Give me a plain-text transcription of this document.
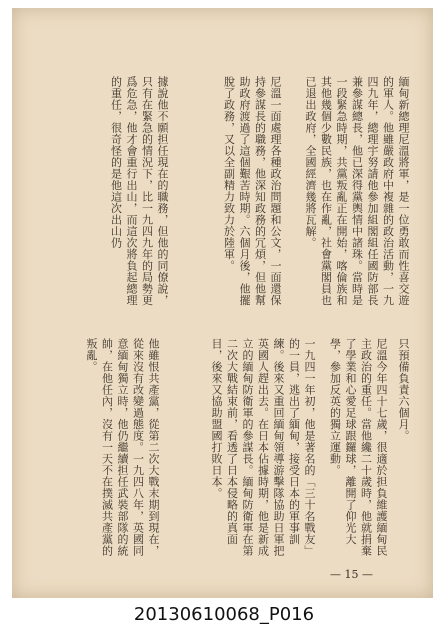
緬甸新總理尼溫將軍，是一位勇敢而性喜交遊的軍人。他雖嚴政府中複雜的政治活動，一九四九年，總理宇努請他參加組閣組任國防部長兼參謀總長，他已深得黨輿情中諸珠。當時是一段緊急時期，共黨叛亂正在開始，喀倫族和其他幾個少數民族，也在作亂，社會黨閣員也已退出政府，全國經濟幾將瓦解。
尼溫一面處理各種政治問題和公文，一面還保持參謀長的職務，他深知政務的冗煩，但他幫助政府渡過了這個艱苦時期。六個月後，他擺脫了政務，又以全副精力致力於陸軍。
據說他不願担任現在的職務，但他的同僚說，只有在緊急的情況下，比一九四九年的局勢更爲危急，他才會重行出山，而這次將負起總理的重任，很奇怪的是他這次出山仍
只預備負責六個月。
尼溫今年四十七歲，很適於担負維護緬甸民主政治的重任。當他纔二十歲時，他就捐棄了學業和心愛足球跟鑼球，離開了仰光大學，參加反英的獨立運動。
一九四一年初，他是著名的「三十名戰友」的一員，逃出了緬甸，接受日本的軍事訓練。後來又重回緬甸領導游擊隊協助日軍把英國人趕出去。在日本佔據時期，他是新成立的緬甸防衛軍的參謀長。緬甸防衛軍在第二次大戰結束前，看透了日本侵略的真面目，後來又協助盟國打敗日本。
他雖恨共產黨，從第二次大戰末期到現在，從來沒有改變過態度。一九四八年，英國同意緬甸獨立時，他仍繼續担任武裝部隊的統帥，在他任內，沒有一天不在撲滅共產黨的叛亂。
— 15 —
20130610068_P016
